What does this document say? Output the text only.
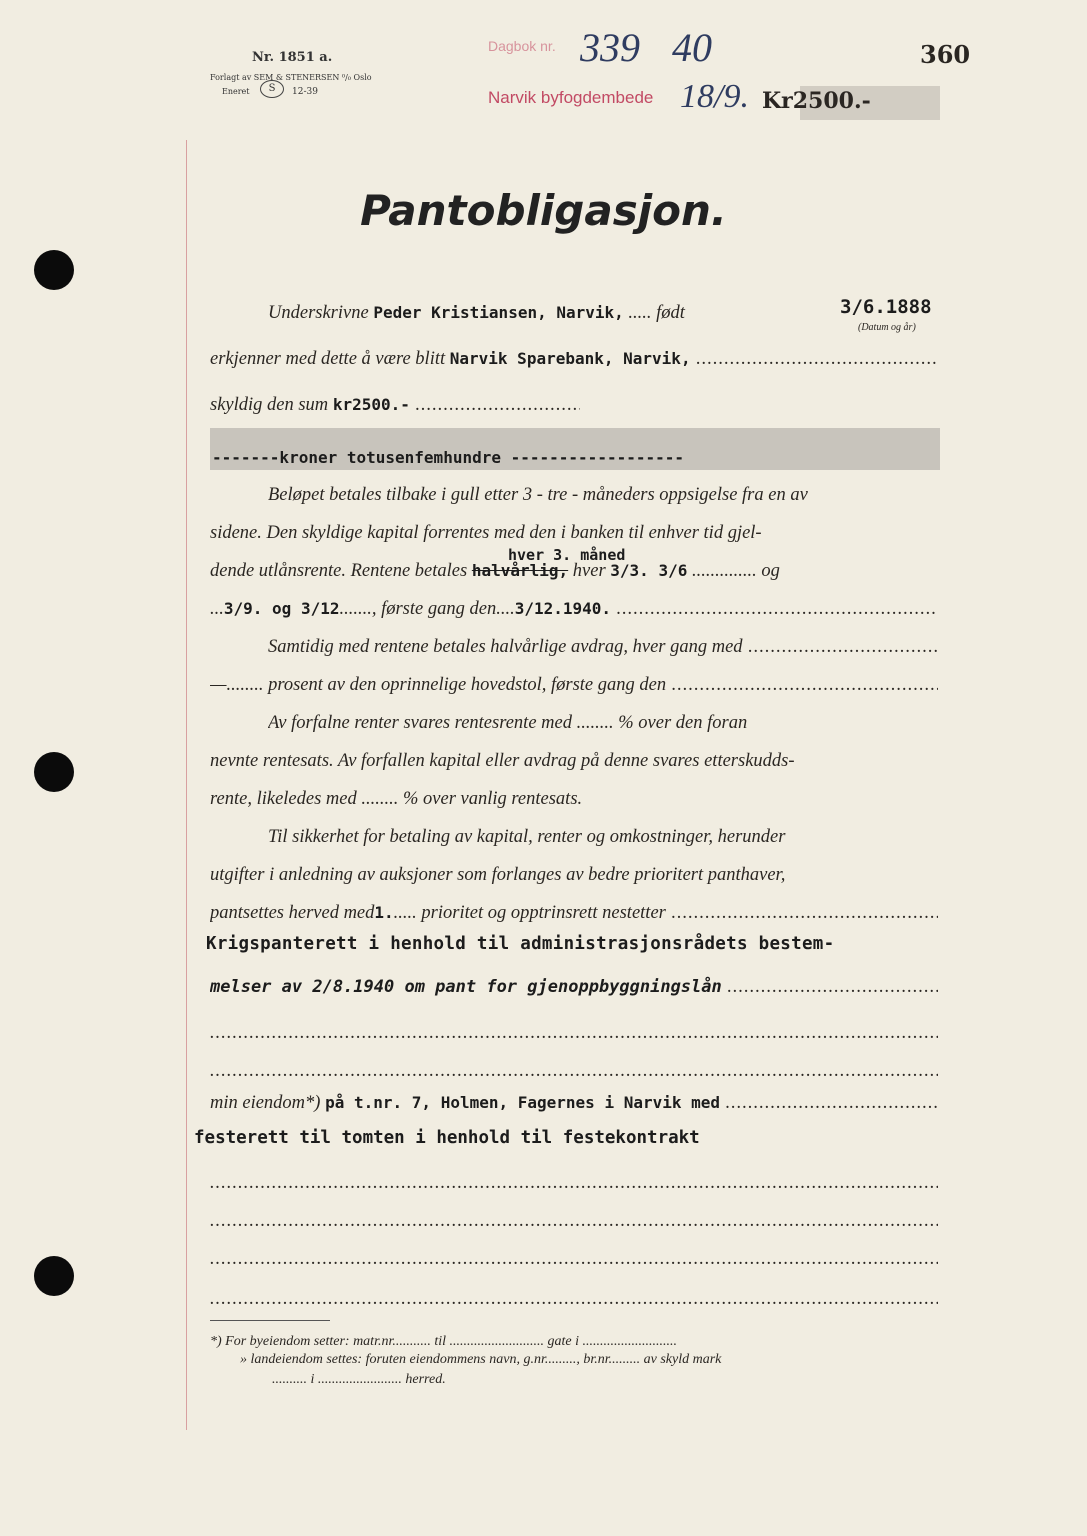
Nr. 1851 a.
Forlagt av SEM & STENERSEN ⁰/₀ Oslo
Eneret	S	12-39
Dagbok nr. 339 40
Narvik byfogdembede 18/9. Kr2500.-
360
Pantobligasjon.
Underskrivne Peder Kristiansen, Narvik, ..... født	3/6.1888
(Datum og år)
erkjenner med dette å være blitt Narvik Sparebank, Narvik, .....
skyldig den sum kr2500.- .....
-------kroner totusenfemhundre ------------------
Beløpet betales tilbake i gull etter 3 - tre - måneders oppsigelse fra en av
sidene. Den skyldige kapital forrentes med den i banken til enhver tid gjel-
hver 3. måned
dende utlånsrente. Rentene betales halvårlig, hver 3/3. 3/6 .............. og
...3/9. og 3/12......., første gang den....3/12.1940. .....
Samtidig med rentene betales halvårlige avdrag, hver gang med .....
—........ prosent av den oprinnelige hovedstol, første gang den .....
Av forfalne renter svares rentesrente med ........ % over den foran
nevnte rentesats. Av forfallen kapital eller avdrag på denne svares etterskudds-
rente, likeledes med ........ % over vanlig rentesats.
Til sikkerhet for betaling av kapital, renter og omkostninger, herunder
utgifter i anledning av auksjoner som forlanges av bedre prioritert panthaver,
pantsettes herved med1...... prioritet og opptrinsrett nestetter .....
Krigspanterett i henhold til administrasjonsrådets bestem-
melser av 2/8.1940 om pant for gjenoppbyggningslån .....
.....
.....
min eiendom*) på t.nr. 7, Holmen, Fagernes i Narvik med .....
festerett til tomten i henhold til festekontrakt
.....
.....
.....
.....
*) For byeiendom setter: matr.nr........... til ........................... gate i ...........................
» landeiendom settes: foruten eiendommens navn, g.nr........., br.nr......... av skyld mark
.......... i ........................ herred.
